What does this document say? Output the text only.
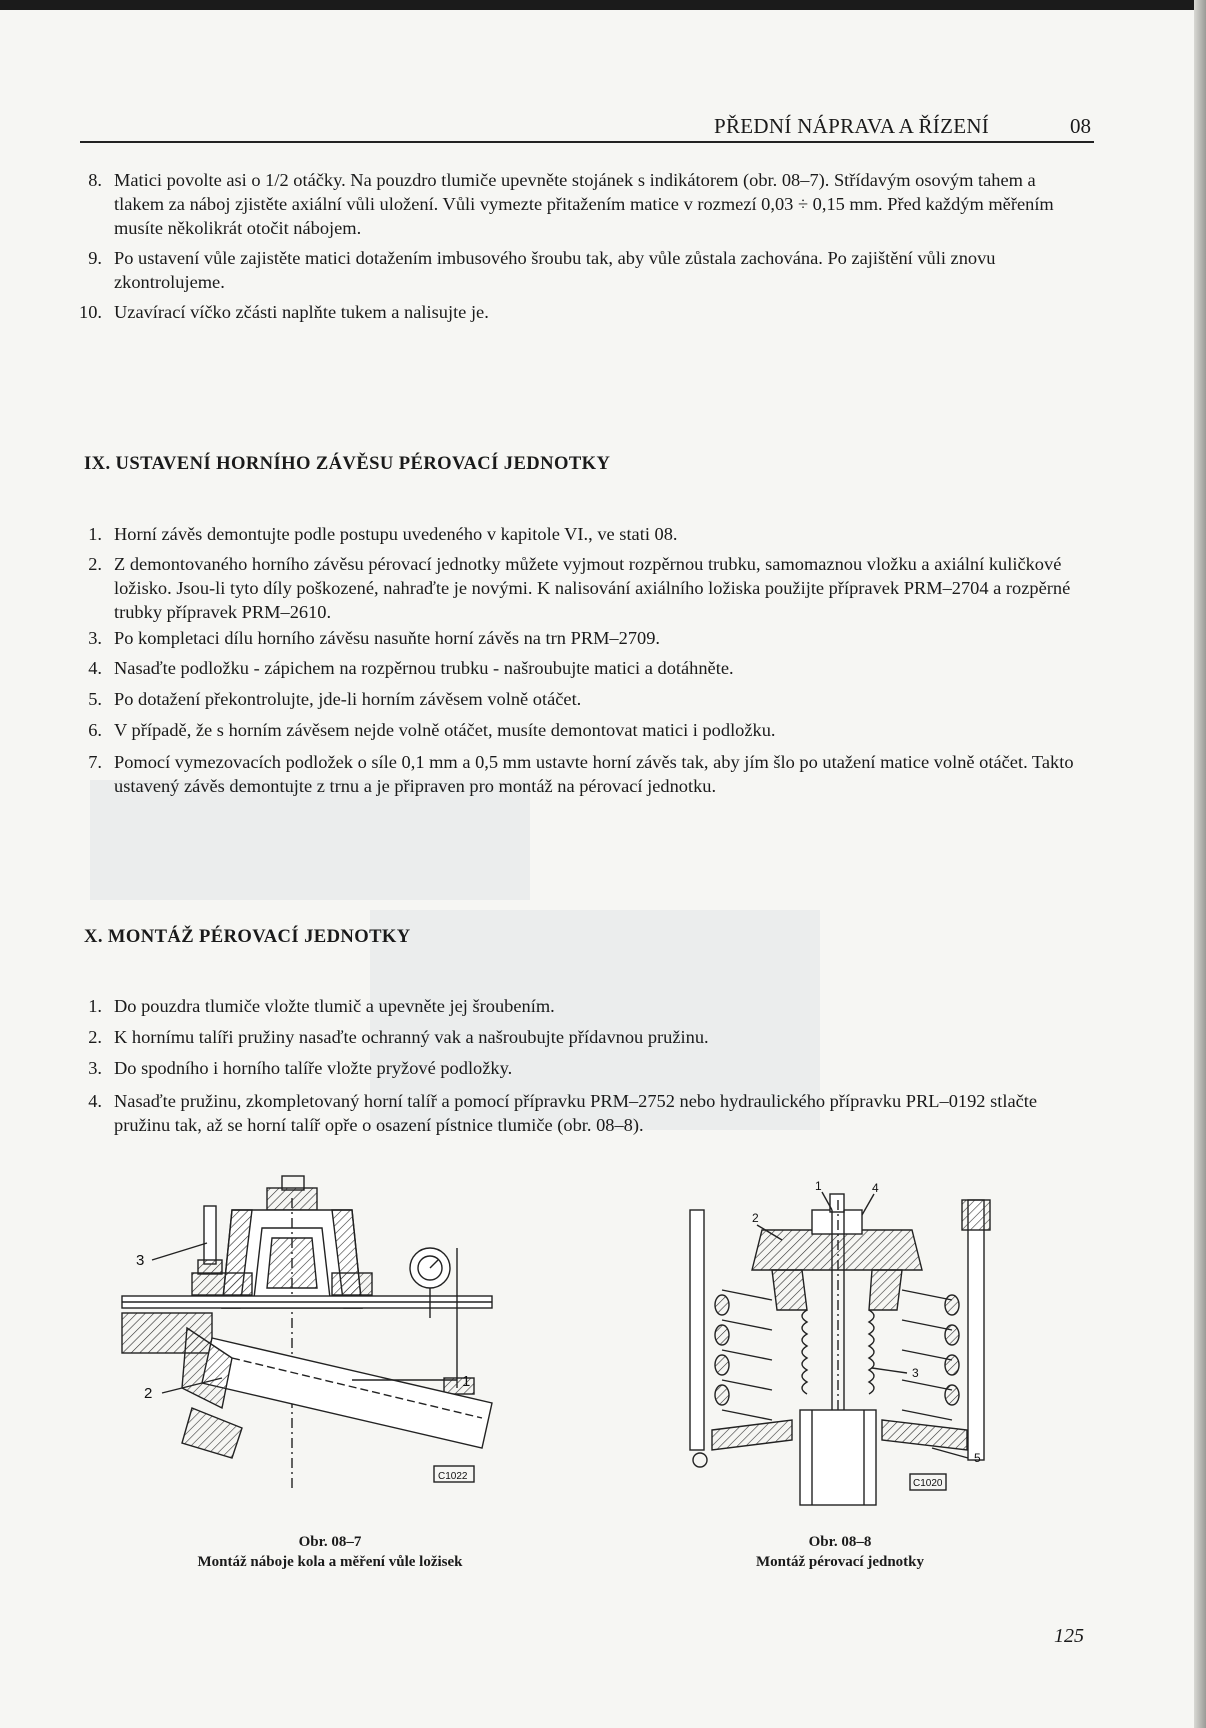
PŘEDNÍ NÁPRAVA A ŘÍZENÍ	08
8. Matici povolte asi o 1/2 otáčky. Na pouzdro tlumiče upevněte stojánek s indikátorem (obr. 08–7). Střídavým osovým tahem a tlakem za náboj zjistěte axiální vůli uložení. Vůli vymezte přitažením matice v rozmezí 0,03 ÷ 0,15 mm. Před každým měřením musíte několikrát otočit nábojem.
9. Po ustavení vůle zajistěte matici dotažením imbusového šroubu tak, aby vůle zůstala zachována. Po zajištění vůli znovu zkontrolujeme.
10. Uzavírací víčko zčásti naplňte tukem a nalisujte je.
IX. USTAVENÍ HORNÍHO ZÁVĚSU PÉROVACÍ JEDNOTKY
1. Horní závěs demontujte podle postupu uvedeného v kapitole VI., ve stati 08.
2. Z demontovaného horního závěsu pérovací jednotky můžete vyjmout rozpěrnou trubku, samomaznou vložku a axiální kuličkové ložisko. Jsou-li tyto díly poškozené, nahraďte je novými. K nalisování axiálního ložiska použijte přípravek PRM–2704 a rozpěrné trubky přípravek PRM–2610.
3. Po kompletaci dílu horního závěsu nasuňte horní závěs na trn PRM–2709.
4. Nasaďte podložku - zápichem na rozpěrnou trubku - našroubujte matici a dotáhněte.
5. Po dotažení překontrolujte, jde-li horním závěsem volně otáčet.
6. V případě, že s horním závěsem nejde volně otáčet, musíte demontovat matici i podložku.
7. Pomocí vymezovacích podložek o síle 0,1 mm a 0,5 mm ustavte horní závěs tak, aby jím šlo po utažení matice volně otáčet. Takto ustavený závěs demontujte z trnu a je připraven pro montáž na pérovací jednotku.
X. MONTÁŽ PÉROVACÍ JEDNOTKY
1. Do pouzdra tlumiče vložte tlumič a upevněte jej šroubením.
2. K hornímu talíři pružiny nasaďte ochranný vak a našroubujte přídavnou pružinu.
3. Do spodního i horního talíře vložte pryžové podložky.
4. Nasaďte pružinu, zkompletovaný horní talíř a pomocí přípravku PRM–2752 nebo hydraulického přípravku PRL–0192 stlačte pružinu tak, až se horní talíř opře o osazení pístnice tlumiče (obr. 08–8).
3
2
1
C1022
Obr. 08–7
Montáž náboje kola a měření vůle ložisek
2
1	4
3
5
C1020
Obr. 08–8
Montáž pérovací jednotky
125
